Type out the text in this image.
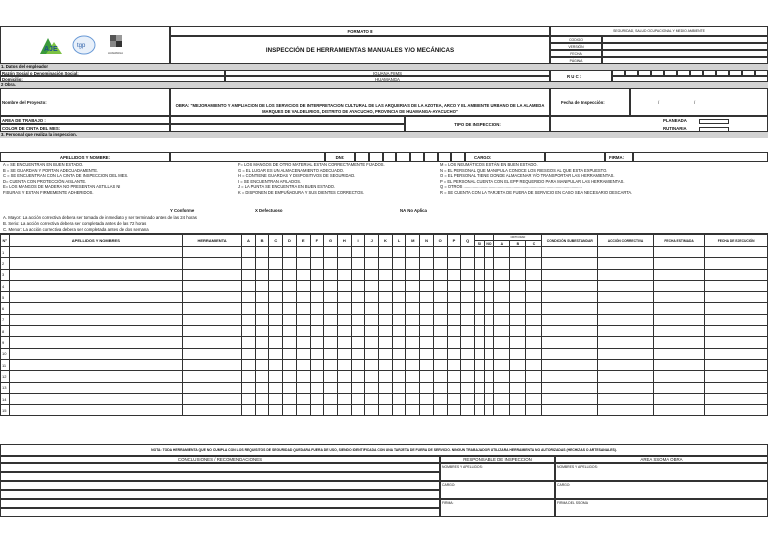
AJE	tgp
HUAMANGA
FORMATO 8
INSPECCIÓN DE HERRAMIENTAS MANUALES Y/O MECÁNICAS
SEGURIDAD, SALUD OCUPACIONAL Y MEDIO AMBIENTE
CODIGO
VERSIÓN
FECHA
PÁGINA
1. Datos del empleador
Razón Social o Denominación Social:	IGUANA FIIMS
R U C :
Domicilio:	HUAMANGA
2 Obra.
Nombre del Proyecto:
OBRA: "MEJORAMIENTO Y AMPLIACION DE LOS SERVICIOS DE INTERPRETACION CULTURAL DE LAS ARQUERIAS DE LA AZOTEA, ARCO Y EL AMBIENTE URBANO DE LA ALAMEDA MARQUES DE VALDELIRIOS, DISTRITO DE AYACUCHO, PROVINCIA DE HUAMANGA-AYACUCHO"
Fecha de Inspección:	/	/
AREA DE TRABAJO :
COLOR DE CINTA DEL MES:
TIPO DE INSPECCION:
PLANEADA
RUTINARIA
3. Personal que realiza la inspeccion.
APELLIDOS Y NOMBRE:	DNI:	CARGO:	FIRMA:
A = SE ENCUENTRAN EN BUEN ESTADO.
B = SE GUARDAN Y PORTAN ADECUADAMENTE.
C = SE ENCUENTRAN CON LA CINTA DE INSPECCION DEL MES.
D= CUENTA CON PROTECCIÓN AISLANTE.
E= LOS MANGOS DE MADERA NO PRESENTAN ASTILLAS NI
FISURAS Y ESTAN FIRMEMENTE ADHERIDOS.
F= LOS MANGOS DE OTRO MATERIAL ESTAN CORRECTAMENTE FIJADOS.
G = EL LUGAR ES UN ALMACENAMIENTO ADECUADO.
H = CONTIENE GUARDAS Y DISPOSITIVOS DE SEGURIDAD.
I = SE ENCUENTRAN AFILADOS.
J = LA PUNTA SE ENCUENTRA EN BUEN ESTADO.
K = DISPONEN DE EMPUÑADURA Y SUS DIENTES CORRECTOS.
M = LOS NEUMÁTICOS ESTÁN EN BUEN ESTADO.
N = EL PERSONAL QUE MANIPULA CONOCE LOS RIESGOS AL QUE ESTA EXPUESTO.
O = EL PERSONAL TIENE DONDE ALMACENAR Y/O TRANSPORTAR LAS HERRAMIENTAS.
P = EL PERSONAL CUENTA CON EL EPP REQUERIDO PARA MANIPULAR LAS HERRAMIENTAS.
Q = OTROS ........................................................................................................
R = SE CUENTA CON LA TARJETA DE FUERA DE SERVICIO EN CASO SEA NECESARIO DESCARTA.
Y Conforme	X Defectuoso	NA No Aplica
A. Mayor: La acción correctiva debera ser tomada de inmediato y ser terminado antes de las 24 horas
B. Serio: La acción correctiva debera ser completada antes de las 72 horas
C. Menor: La acción correctiva debera ser completada antes de dos semana
N°	APELLIDOS Y NOMBRES	HERRAMIENTA	A	B	C	D	E	F	G	H	I	J	K	L	M	N	O	P	Q			CRITICIDAD			CONDICIÓN SUBESTANDAR	ACCIÓN CORRECTIVA	FECHA ESTIMADA	FECHA DE EJECUCIÓN
																				SI	NO	A	B	C				
1																												
2																												
3																												
4																												
5																												
6																												
7																												
8																												
9																												
10																												
11																												
12																												
13																												
14																												
15																												
NOTA: TODA HERRAMIENTA QUE NO CUMPLA CON LOS REQUISITOS DE SEGURIDAD QUEDARA FUERA DE USO, SIENDO IDENTIFICADA CON UNA TARJETA DE FUERA DE SERVICIO. NINGUN TRABAJADOR UTILIZARA HERRAMIENTA NO AUTORIZADAS (HECHIZAS O ARTESANALES).
CONCLUSIONES / RECOMENDACIONES	RESPONSABLE DE INSPECCION	AREA SSOMA OBRA
NOMBRES Y APELLIDOS:
CARGO:
FIRMA:
NOMBRES Y APELLIDOS:
CARGO:
FIRMA DEL SSOMA
